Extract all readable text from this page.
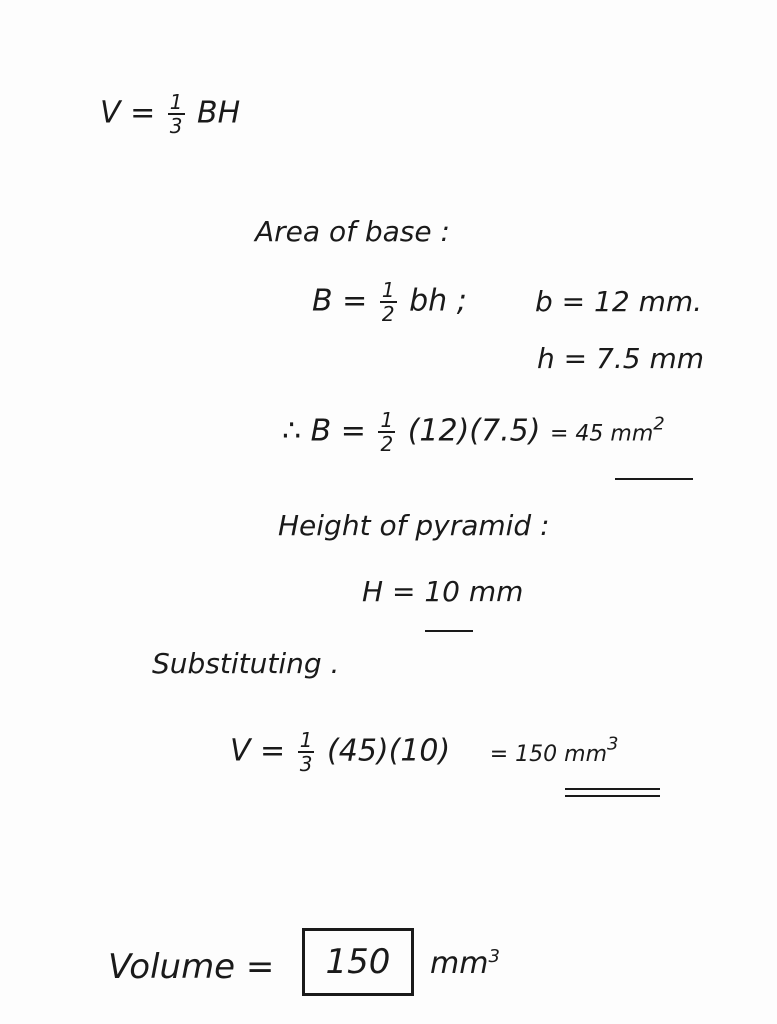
$V = \frac{1}{3}$ BH
Area of base :
$B = \frac{1}{2}$ bh ; b = 12 mm.
h = 7.5 mm
∴ $B = \frac{1}{2} (12)(7.5) = 45$ $mm^2$
Height of pyramid :
H = 10 mm
Substituting .
$V = \frac{1}{3} (45)(10) = 150$ $mm^3$
Volume = 150 $mm^3$
